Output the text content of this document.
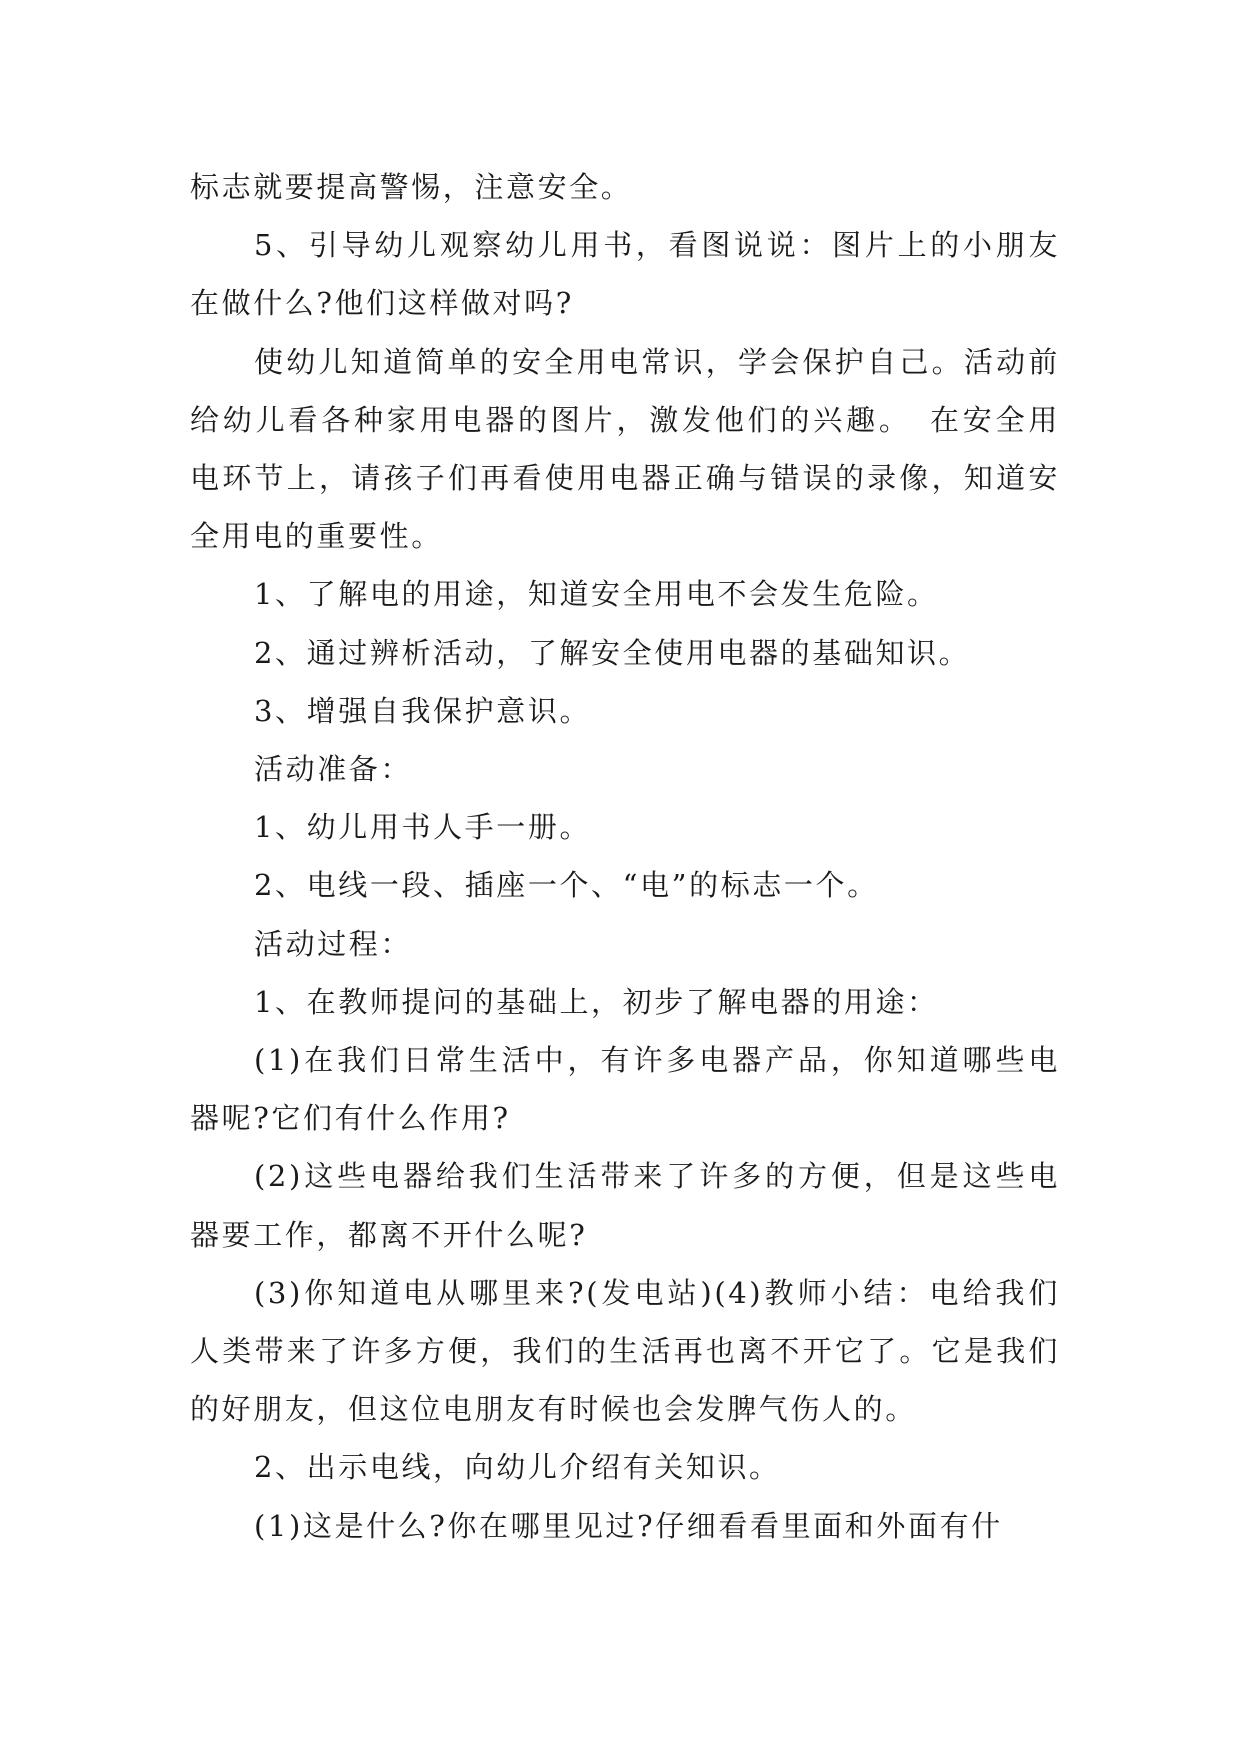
标志就要提高警惕，注意安全。

5、引导幼儿观察幼儿用书，看图说说：图片上的小朋友在做什么?他们这样做对吗?

使幼儿知道简单的安全用电常识，学会保护自己。活动前给幼儿看各种家用电器的图片，激发他们的兴趣。　在安全用电环节上，请孩子们再看使用电器正确与错误的录像，知道安全用电的重要性。

1、了解电的用途，知道安全用电不会发生危险。

2、通过辨析活动，了解安全使用电器的基础知识。

3、增强自我保护意识。

活动准备：

1、幼儿用书人手一册。

2、电线一段、插座一个、“电”的标志一个。

活动过程：

1、在教师提问的基础上，初步了解电器的用途：

(1)在我们日常生活中，有许多电器产品，你知道哪些电器呢?它们有什么作用?

(2)这些电器给我们生活带来了许多的方便，但是这些电器要工作，都离不开什么呢?

(3)你知道电从哪里来?(发电站)(4)教师小结：电给我们人类带来了许多方便，我们的生活再也离不开它了。它是我们的好朋友，但这位电朋友有时候也会发脾气伤人的。

2、出示电线，向幼儿介绍有关知识。

(1)这是什么?你在哪里见过?仔细看看里面和外面有什
